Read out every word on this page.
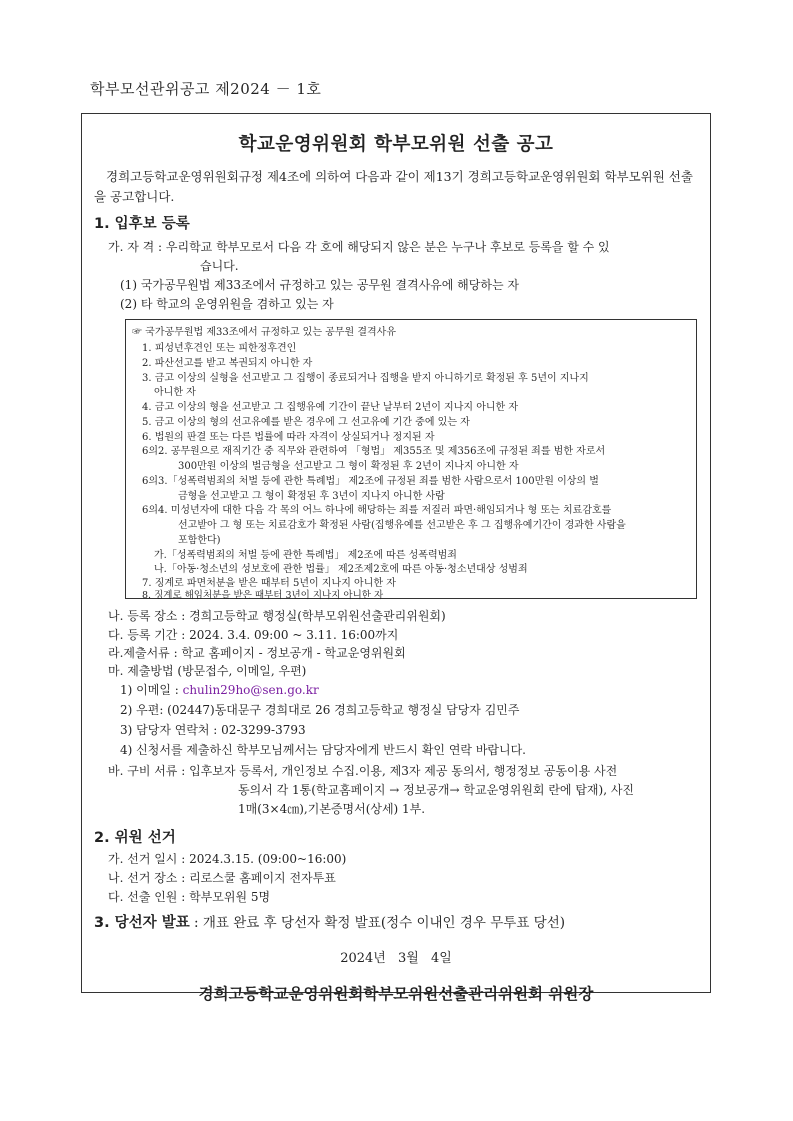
학부모선관위공고 제2024 － 1호
학교운영위원회 학부모위원 선출 공고
경희고등학교운영위원회규정 제4조에 의하여 다음과 같이 제13기 경희고등학교운영위원회 학부모위원 선출을 공고합니다.
1. 입후보 등록
가. 자 격 : 우리학교 학부모로서 다음 각 호에 해당되지 않은 분은 누구나 후보로 등록을 할 수 있
습니다.
(1) 국가공무원법 제33조에서 규정하고 있는 공무원 결격사유에 해당하는 자
(2) 타 학교의 운영위원을 겸하고 있는 자
☞ 국가공무원법 제33조에서 규정하고 있는 공무원 결격사유
1. 피성년후견인 또는 피한정후견인
2. 파산선고를 받고 복권되지 아니한 자
3. 금고 이상의 실형을 선고받고 그 집행이 종료되거나 집행을 받지 아니하기로 확정된 후 5년이 지나지
아니한 자
4. 금고 이상의 형을 선고받고 그 집행유예 기간이 끝난 날부터 2년이 지나지 아니한 자
5. 금고 이상의 형의 선고유예를 받은 경우에 그 선고유예 기간 중에 있는 자
6. 법원의 판결 또는 다른 법률에 따라 자격이 상실되거나 정지된 자
6의2. 공무원으로 재직기간 중 직무와 관련하여 「형법」 제355조 및 제356조에 규정된 죄를 범한 자로서
300만원 이상의 벌금형을 선고받고 그 형이 확정된 후 2년이 지나지 아니한 자
6의3.「성폭력범죄의 처벌 등에 관한 특례법」 제2조에 규정된 죄를 범한 사람으로서 100만원 이상의 벌
금형을 선고받고 그 형이 확정된 후 3년이 지나지 아니한 사람
6의4. 미성년자에 대한 다음 각 목의 어느 하나에 해당하는 죄를 저질러 파면·해임되거나 형 또는 치료감호를
선고받아 그 형 또는 치료감호가 확정된 사람(집행유예를 선고받은 후 그 집행유예기간이 경과한 사람을
포함한다)
가.「성폭력범죄의 처벌 등에 관한 특례법」 제2조에 따른 성폭력범죄
나.「아동·청소년의 성보호에 관한 법률」 제2조제2호에 따른 아동·청소년대상 성범죄
7. 징계로 파면처분을 받은 때부터 5년이 지나지 아니한 자
8. 징계로 해임처분을 받은 때부터 3년이 지나지 아니한 자
나. 등록 장소 : 경희고등학교 행정실(학부모위원선출관리위원회)
다. 등록 기간 : 2024. 3.4. 09:00 ~ 3.11. 16:00까지
라.제출서류 : 학교 홈페이지 - 정보공개 - 학교운영위원회
마. 제출방법 (방문접수, 이메일, 우편)
1) 이메일 : chulin29ho@sen.go.kr
2) 우편: (02447)동대문구 경희대로 26 경희고등학교 행정실 담당자 김민주
3) 담당자 연락처 : 02-3299-3793
4) 신청서를 제출하신 학부모님께서는 담당자에게 반드시 확인 연락 바랍니다.
바. 구비 서류 : 입후보자 등록서, 개인정보 수집.이용, 제3자 제공 동의서, 행정정보 공동이용 사전
동의서 각 1통(학교홈페이지 → 정보공개→ 학교운영위원회 란에 탑재), 사진
1매(3×4㎝),기본증명서(상세) 1부.
2. 위원 선거
가. 선거 일시 : 2024.3.15. (09:00~16:00)
나. 선거 장소 : 리로스쿨 홈페이지 전자투표
다. 선출 인원 : 학부모위원 5명
3. 당선자 발표 : 개표 완료 후 당선자 확정 발표(정수 이내인 경우 무투표 당선)
2024년 3월 4일
경희고등학교운영위원회학부모위원선출관리위원회 위원장
